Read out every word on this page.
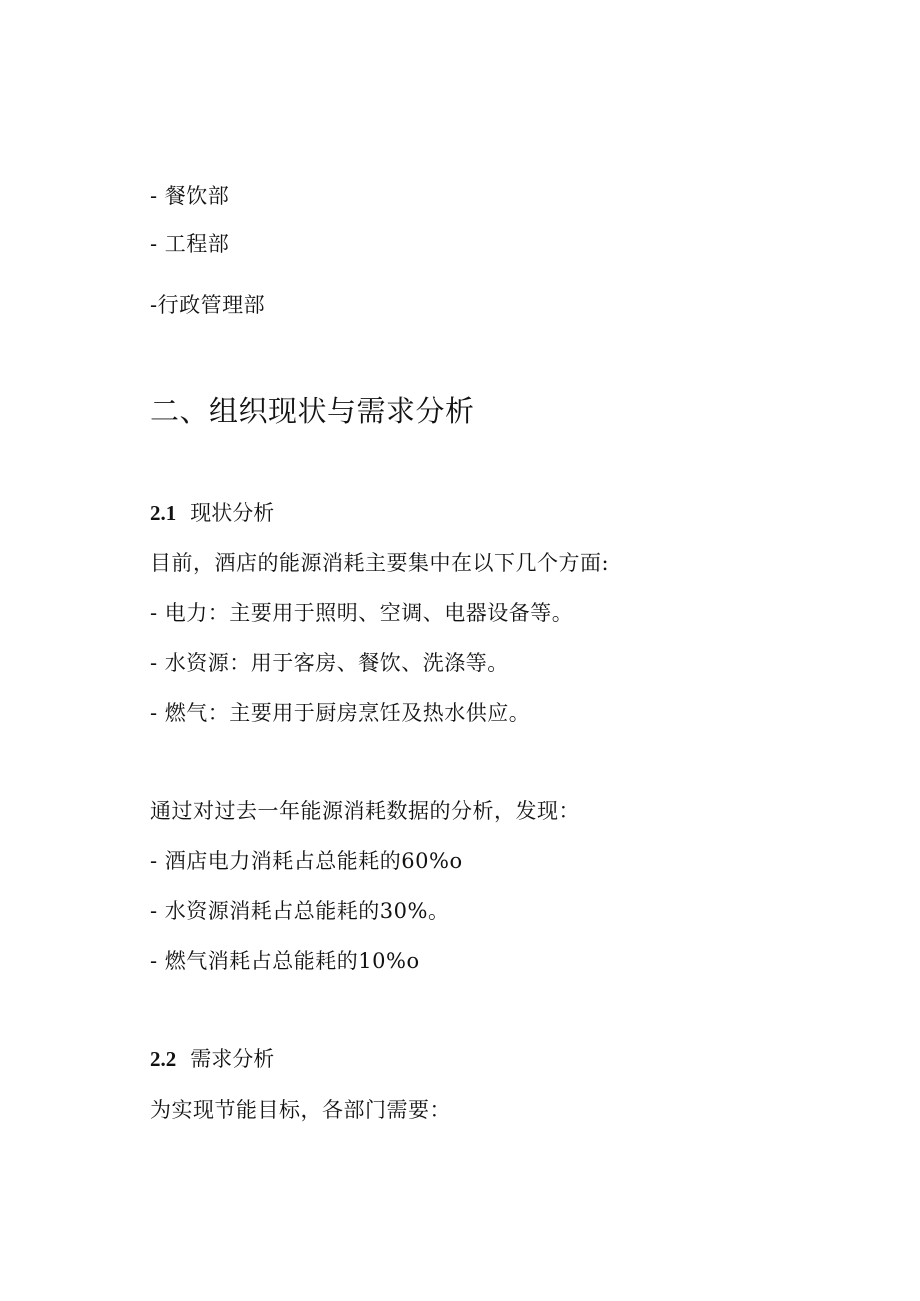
- 餐饮部
- 工程部
-行政管理部
二、组织现状与需求分析
2.1 现状分析
目前，酒店的能源消耗主要集中在以下几个方面:
- 电力：主要用于照明、空调、电器设备等。
- 水资源：用于客房、餐饮、洗涤等。
- 燃气：主要用于厨房烹饪及热水供应。
通过对过去一年能源消耗数据的分析，发现：
- 酒店电力消耗占总能耗的60%o
- 水资源消耗占总能耗的30%。
- 燃气消耗占总能耗的10%o
2.2 需求分析
为实现节能目标，各部门需要：
